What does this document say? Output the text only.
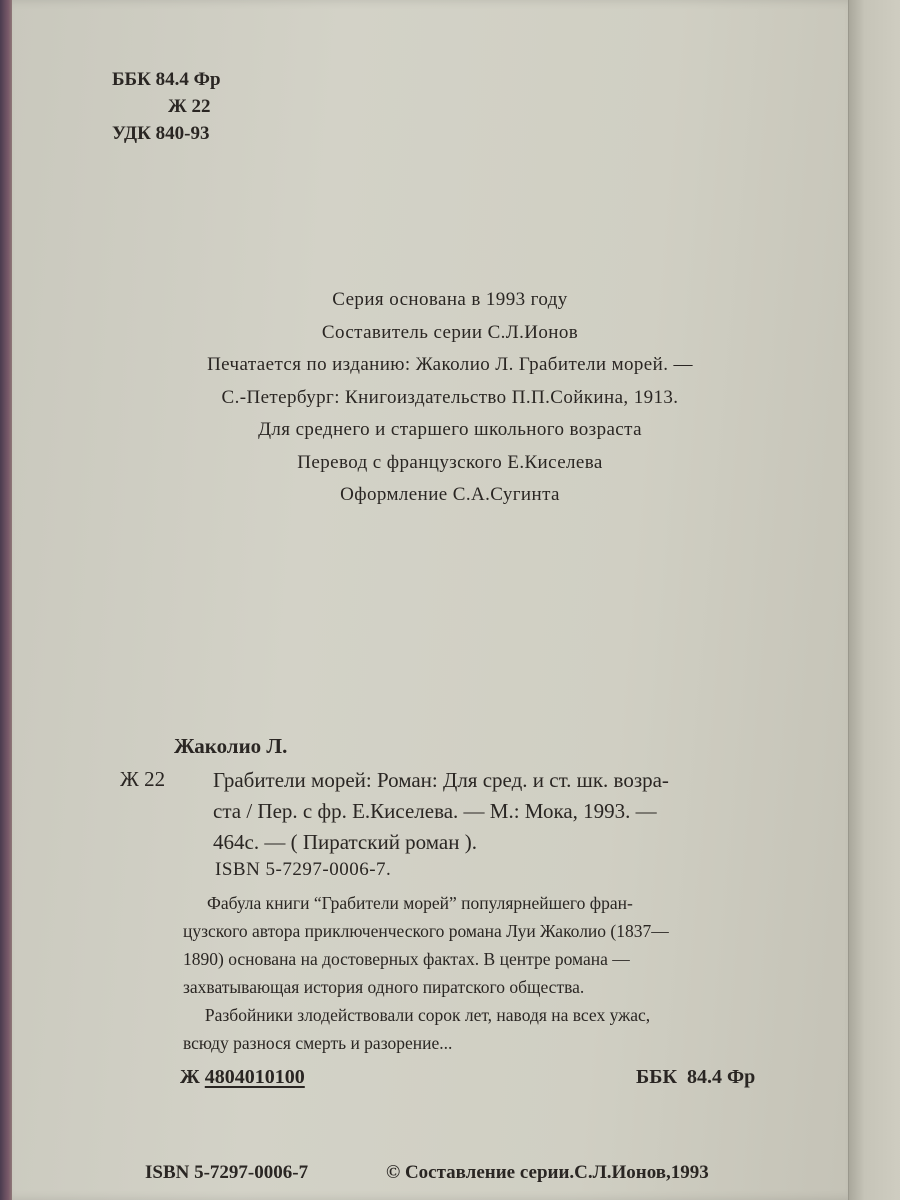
ББК 84.4 Фр
Ж 22
УДК 840-93
Серия основана в 1993 году
Составитель серии С.Л.Ионов
Печатается по изданию: Жаколио Л. Грабители морей. —
С.-Петербург: Книгоиздательство П.П.Сойкина, 1913.
Для среднего и старшего школьного возраста
Перевод с французского Е.Киселева
Оформление С.А.Сугинта
Жаколио Л.
Ж 22 Грабители морей: Роман: Для сред. и ст. шк. возра-
ста / Пер. с фр. Е.Киселева. — М.: Мока, 1993. —
464с. — ( Пиратский роман ).
ISBN 5-7297-0006-7.
Фабула книги “Грабители морей” популярнейшего фран-
цузского автора приключенческого романа Луи Жаколио (1837—
1890) основана на достоверных фактах. В центре романа —
захватывающая история одного пиратского общества.
Разбойники злодействовали сорок лет, наводя на всех ужас,
всюду разнося смерть и разорение...
Ж 4804010100	ББК  84.4 Фр
ISBN 5-7297-0006-7	© Составление серии.С.Л.Ионов,1993
